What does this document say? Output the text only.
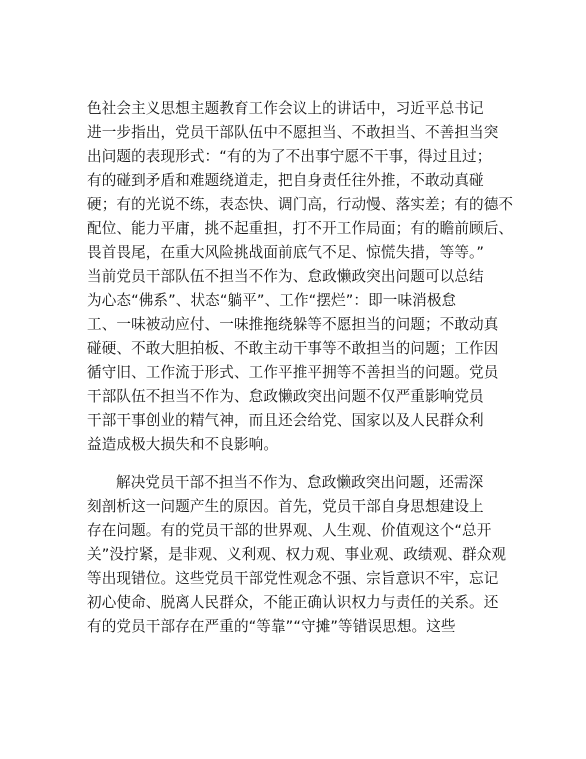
色社会主义思想主题教育工作会议上的讲话中，习近平总书记
进一步指出，党员干部队伍中不愿担当、不敢担当、不善担当突
出问题的表现形式：“有的为了不出事宁愿不干事，得过且过；
有的碰到矛盾和难题绕道走，把自身责任往外推，不敢动真碰
硬；有的光说不练，表态快、调门高，行动慢、落实差；有的德不
配位、能力平庸，挑不起重担，打不开工作局面；有的瞻前顾后、
畏首畏尾，在重大风险挑战面前底气不足、惊慌失措，等等。”
当前党员干部队伍不担当不作为、怠政懒政突出问题可以总结
为心态“佛系”、状态“躺平”、工作“摆烂”：即一味消极怠
工、一味被动应付、一味推拖绕躲等不愿担当的问题；不敢动真
碰硬、不敢大胆拍板、不敢主动干事等不敢担当的问题；工作因
循守旧、工作流于形式、工作平推平拥等不善担当的问题。党员
干部队伍不担当不作为、怠政懒政突出问题不仅严重影响党员
干部干事创业的精气神，而且还会给党、国家以及人民群众利
益造成极大损失和不良影响。
解决党员干部不担当不作为、怠政懒政突出问题，还需深
刻剖析这一问题产生的原因。首先，党员干部自身思想建设上
存在问题。有的党员干部的世界观、人生观、价值观这个“总开
关”没拧紧，是非观、义利观、权力观、事业观、政绩观、群众观
等出现错位。这些党员干部党性观念不强、宗旨意识不牢，忘记
初心使命、脱离人民群众，不能正确认识权力与责任的关系。还
有的党员干部存在严重的“等靠”“守摊”等错误思想。这些
